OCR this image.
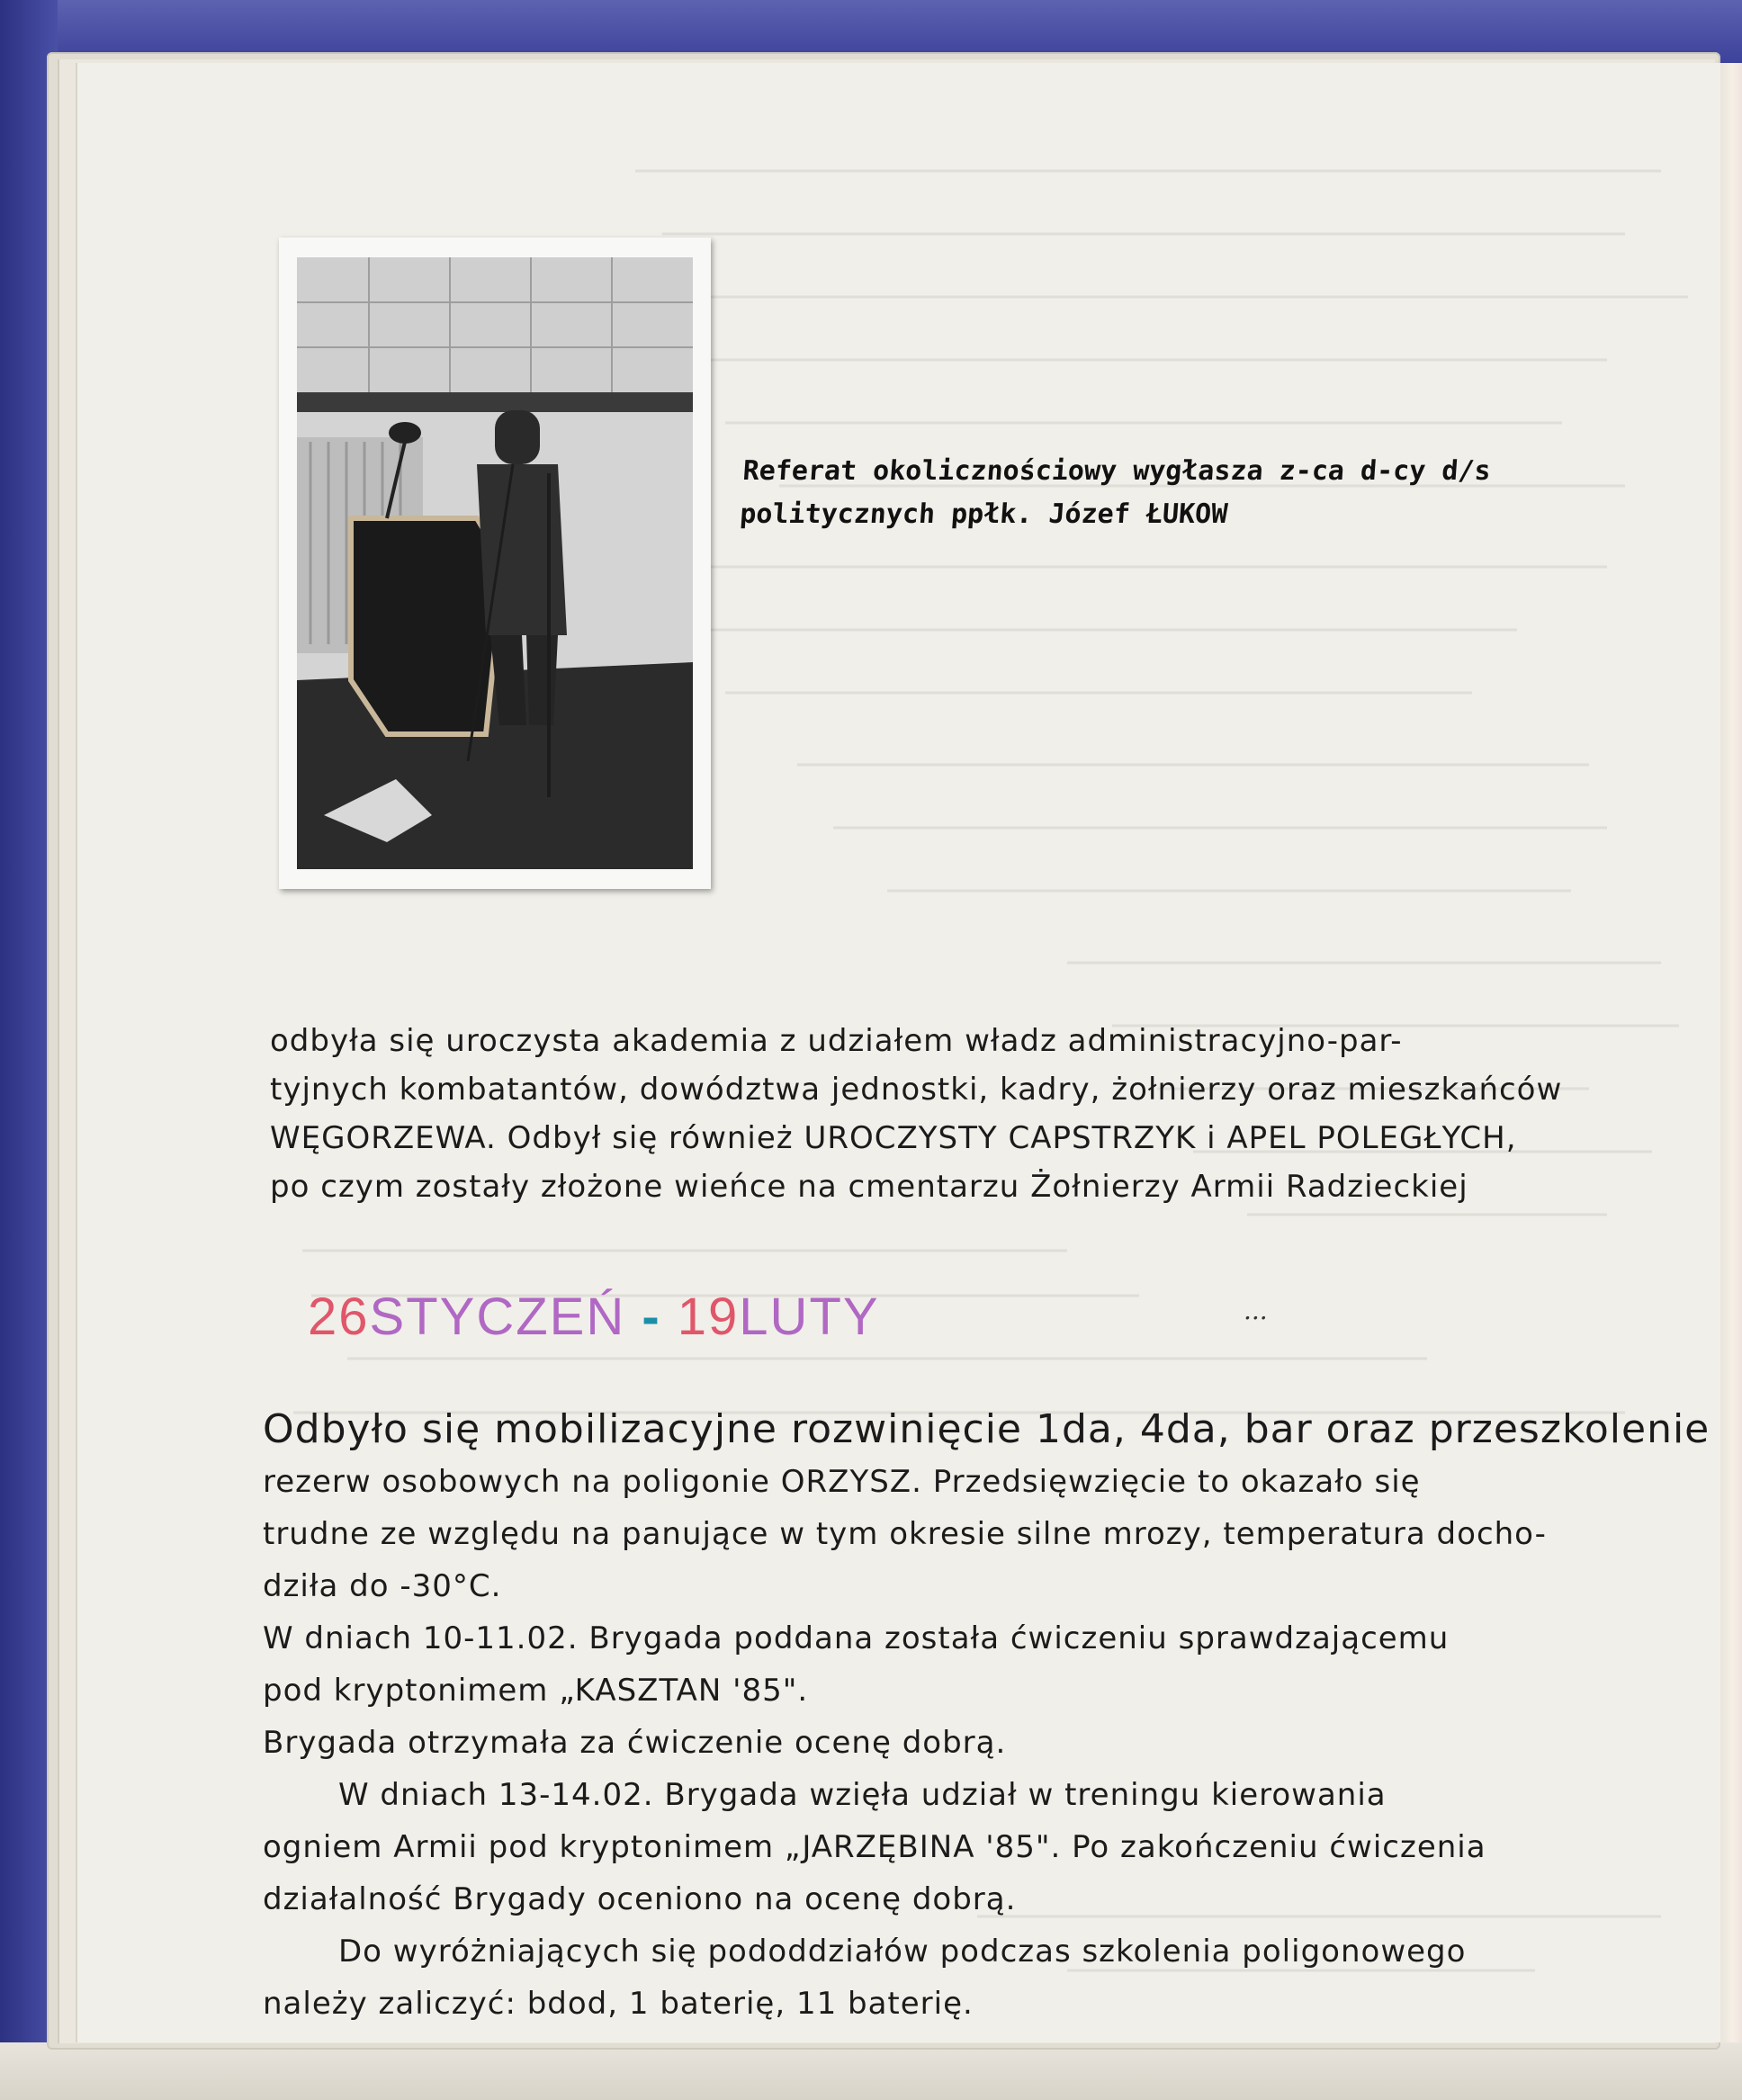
Referat okolicznościowy wygłasza z-ca d-cy d/s
politycznych ppłk. Józef ŁUKOW
odbyła się uroczysta akademia z udziałem władz administracyjno-par-
tyjnych kombatantów, dowództwa jednostki, kadry, żołnierzy oraz mieszkańców
WĘGORZEWA. Odbył się również UROCZYSTY CAPSTRZYK i APEL POLEGŁYCH,
po czym zostały złożone wieńce na cmentarzu Żołnierzy Armii Radzieckiej
26STYCZEŃ - 19LUTY	...
Odbyło się mobilizacyjne rozwinięcie 1da, 4da, bar oraz przeszkolenie
rezerw osobowych na poligonie ORZYSZ. Przedsięwzięcie to okazało się
trudne ze względu na panujące w tym okresie silne mrozy, temperatura docho-
dziła do -30°C.
W dniach 10-11.02. Brygada poddana została ćwiczeniu sprawdzającemu
pod kryptonimem „KASZTAN '85".
Brygada otrzymała za ćwiczenie ocenę dobrą.
W dniach 13-14.02. Brygada wzięła udział w treningu kierowania
ogniem Armii pod kryptonimem „JARZĘBINA '85". Po zakończeniu ćwiczenia
działalność Brygady oceniono na ocenę dobrą.
Do wyróżniających się pododdziałów podczas szkolenia poligonowego
należy zaliczyć: bdod, 1 baterię, 11 baterię.
